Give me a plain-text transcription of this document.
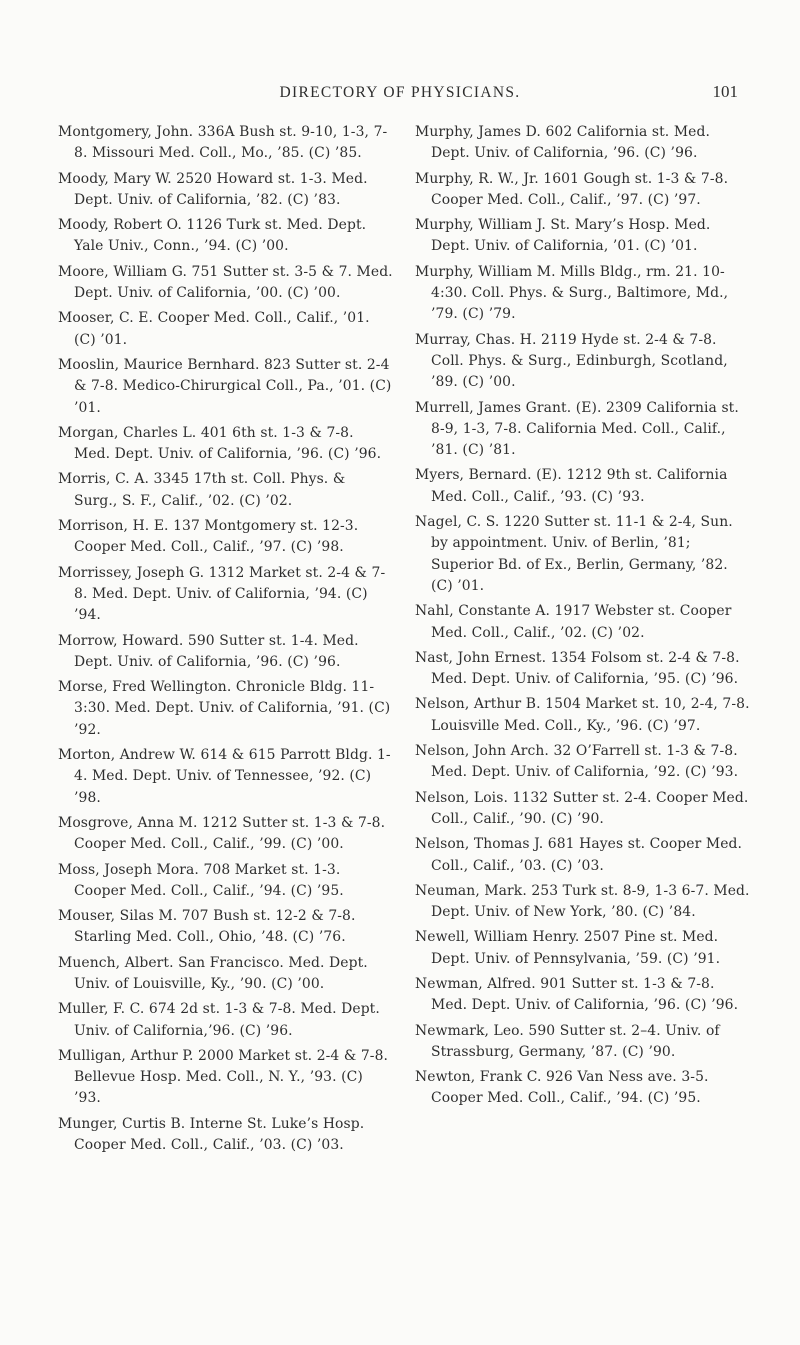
DIRECTORY OF PHYSICIANS.	101

Montgomery, John. 336A Bush st. 9-10, 1-3, 7-8. Missouri Med. Coll., Mo., ’85. (C) ’85.

Moody, Mary W. 2520 Howard st. 1-3. Med. Dept. Univ. of California, ’82. (C) ’83.

Moody, Robert O. 1126 Turk st. Med. Dept. Yale Univ., Conn., ’94. (C) ’00.

Moore, William G. 751 Sutter st. 3-5 & 7. Med. Dept. Univ. of California, ’00. (C) ’00.

Mooser, C. E. Cooper Med. Coll., Calif., ’01. (C) ’01.

Mooslin, Maurice Bernhard. 823 Sutter st. 2-4 & 7-8. Medico-Chirurgical Coll., Pa., ’01. (C) ’01.

Morgan, Charles L. 401 6th st. 1-3 & 7-8. Med. Dept. Univ. of California, ’96. (C) ’96.

Morris, C. A. 3345 17th st. Coll. Phys. & Surg., S. F., Calif., ’02. (C) ’02.

Morrison, H. E. 137 Montgomery st. 12-3. Cooper Med. Coll., Calif., ’97. (C) ’98.

Morrissey, Joseph G. 1312 Market st. 2-4 & 7-8. Med. Dept. Univ. of California, ’94. (C) ’94.

Morrow, Howard. 590 Sutter st. 1-4. Med. Dept. Univ. of California, ’96. (C) ’96.

Morse, Fred Wellington. Chronicle Bldg. 11-3:30. Med. Dept. Univ. of California, ’91. (C) ’92.

Morton, Andrew W. 614 & 615 Parrott Bldg. 1-4. Med. Dept. Univ. of Tennessee, ’92. (C) ’98.

Mosgrove, Anna M. 1212 Sutter st. 1-3 & 7-8. Cooper Med. Coll., Calif., ’99. (C) ’00.

Moss, Joseph Mora. 708 Market st. 1-3. Cooper Med. Coll., Calif., ’94. (C) ’95.

Mouser, Silas M. 707 Bush st. 12-2 & 7-8. Starling Med. Coll., Ohio, ’48. (C) ’76.

Muench, Albert. San Francisco. Med. Dept. Univ. of Louisville, Ky., ’90. (C) ’00.

Muller, F. C. 674 2d st. 1-3 & 7-8. Med. Dept. Univ. of California,’96. (C) ’96.

Mulligan, Arthur P. 2000 Market st. 2-4 & 7-8. Bellevue Hosp. Med. Coll., N. Y., ’93. (C) ’93.

Munger, Curtis B. Interne St. Luke’s Hosp. Cooper Med. Coll., Calif., ’03. (C) ’03.

Murphy, James D. 602 California st. Med. Dept. Univ. of California, ’96. (C) ’96.

Murphy, R. W., Jr. 1601 Gough st. 1-3 & 7-8. Cooper Med. Coll., Calif., ’97. (C) ’97.

Murphy, William J. St. Mary’s Hosp. Med. Dept. Univ. of California, ’01. (C) ’01.

Murphy, William M. Mills Bldg., rm. 21. 10-4:30. Coll. Phys. & Surg., Baltimore, Md., ’79. (C) ’79.

Murray, Chas. H. 2119 Hyde st. 2-4 & 7-8. Coll. Phys. & Surg., Edinburgh, Scotland, ’89. (C) ’00.

Murrell, James Grant. (E). 2309 California st. 8-9, 1-3, 7-8. California Med. Coll., Calif., ’81. (C) ’81.

Myers, Bernard. (E). 1212 9th st. California Med. Coll., Calif., ’93. (C) ’93.

Nagel, C. S. 1220 Sutter st. 11-1 & 2-4, Sun. by appointment. Univ. of Berlin, ’81; Superior Bd. of Ex., Berlin, Germany, ’82. (C) ’01.

Nahl, Constante A. 1917 Webster st. Cooper Med. Coll., Calif., ’02. (C) ’02.

Nast, John Ernest. 1354 Folsom st. 2-4 & 7-8. Med. Dept. Univ. of California, ’95. (C) ’96.

Nelson, Arthur B. 1504 Market st. 10, 2-4, 7-8. Louisville Med. Coll., Ky., ’96. (C) ’97.

Nelson, John Arch. 32 O’Farrell st. 1-3 & 7-8. Med. Dept. Univ. of California, ’92. (C) ’93.

Nelson, Lois. 1132 Sutter st. 2-4. Cooper Med. Coll., Calif., ’90. (C) ’90.

Nelson, Thomas J. 681 Hayes st. Cooper Med. Coll., Calif., ’03. (C) ’03.

Neuman, Mark. 253 Turk st. 8-9, 1-3 6-7. Med. Dept. Univ. of New York, ’80. (C) ’84.

Newell, William Henry. 2507 Pine st. Med. Dept. Univ. of Pennsylvania, ’59. (C) ’91.

Newman, Alfred. 901 Sutter st. 1-3 & 7-8. Med. Dept. Univ. of California, ’96. (C) ’96.

Newmark, Leo. 590 Sutter st. 2–4. Univ. of Strassburg, Germany, ’87. (C) ’90.

Newton, Frank C. 926 Van Ness ave. 3-5. Cooper Med. Coll., Calif., ’94. (C) ’95.
